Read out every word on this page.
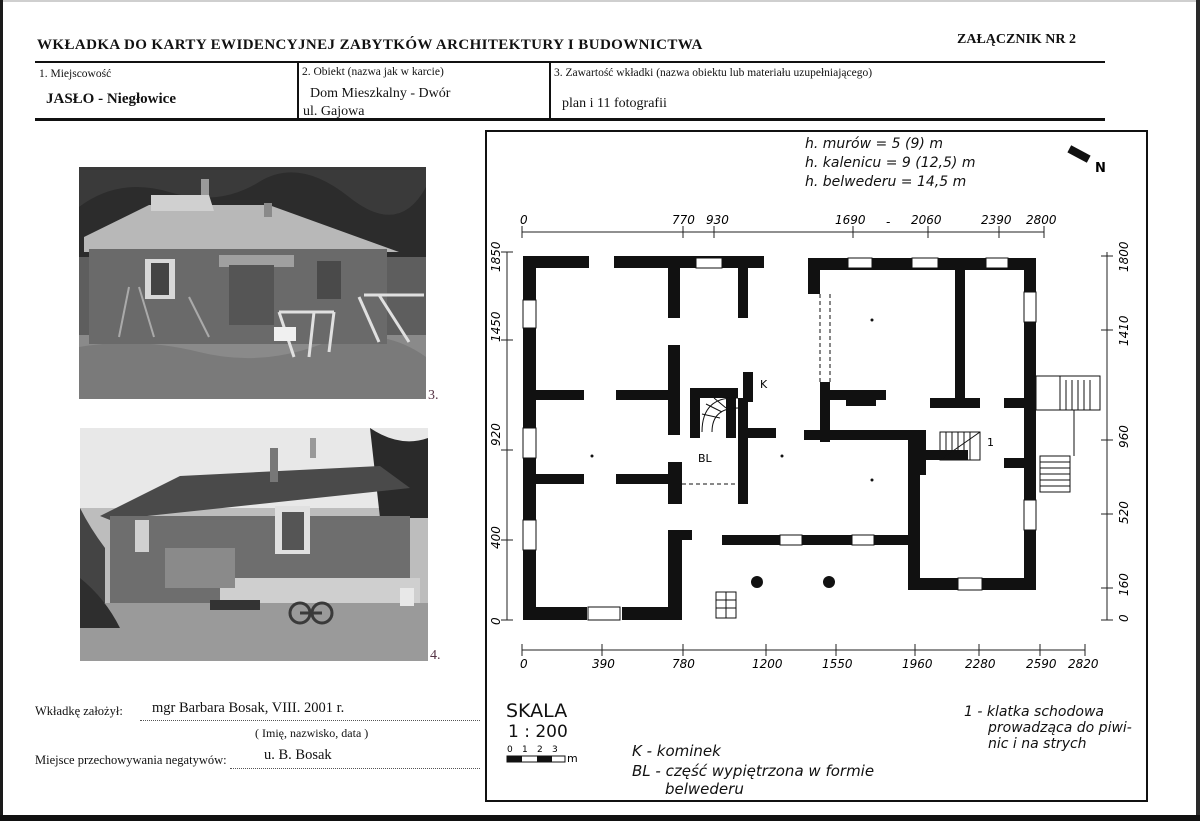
WKŁADKA DO KARTY EWIDENCYJNEJ ZABYTKÓW ARCHITEKTURY I BUDOWNICTWA	ZAŁĄCZNIK NR 2
1. Miejscowość
JASŁO - Niegłowice
2. Obiekt (nazwa jak w karcie)
Dom Mieszkalny - Dwór
ul. Gajowa
3. Zawartość wkładki (nazwa obiektu lub materiału uzupełniającego)
plan i 11 fotografii
3.
4.
Wkładkę założył: mgr Barbara Bosak, VIII. 2001 r.
( Imię, nazwisko, data )
Miejsce przechowywania negatywów:	u. B. Bosak
h. murów = 5 (9) m
h. kalenicu = 9 (12,5) m
h. belwederu = 14,5 m
N
0	770 930	1690 - 2060	2390 2800
0	390	780	1200	1550	1960	2280	2590 2820
1850
1450
920
400
0
1800
1410
960
520
160
0
K
BL
1
0 1 2 3
m
SKALA
1 : 200
K - kominek
BL - część wypiętrzona w formie
belwederu
1 - klatka schodowa
prowadząca do piwi-
nic i na strych
